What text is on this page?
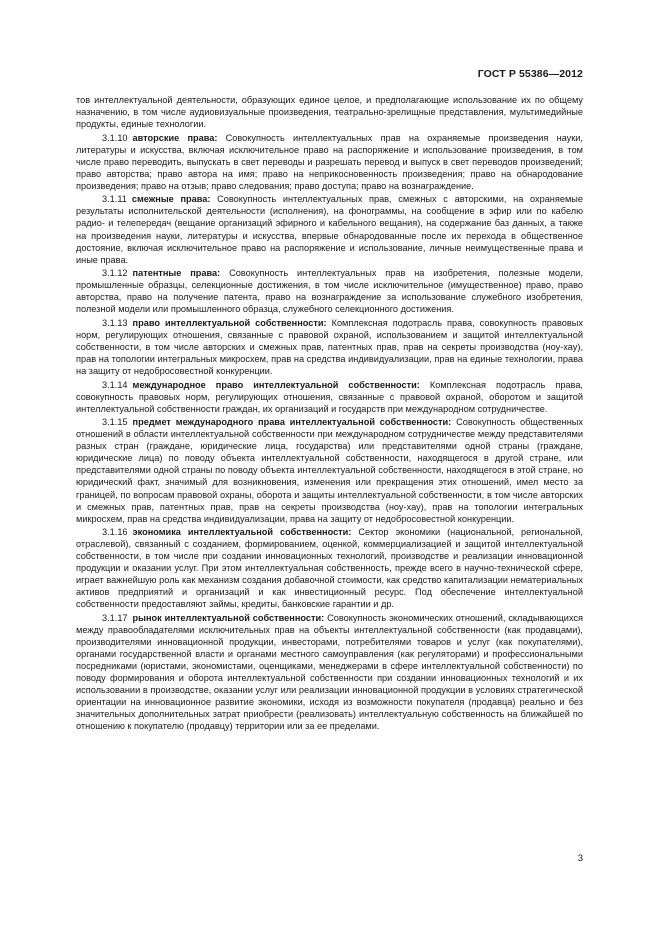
ГОСТ Р 55386—2012

тов интеллектуальной деятельности, образующих единое целое, и предполагающие использование их по общему назначению, в том числе аудиовизуальные произведения, театрально-зрелищные представления, мультимедийные продукты, единые технологии.

3.1.10 авторские права: Совокупность интеллектуальных прав на охраняемые произведения науки, литературы и искусства, включая исключительное право на распоряжение и использование произведения, в том числе право переводить, выпускать в свет переводы и разрешать перевод и выпуск в свет переводов произведений; право авторства; право автора на имя; право на неприкосновенность произведения; право на обнародование произведения; право на отзыв; право следования; право доступа; право на вознаграждение.

3.1.11 смежные права: Совокупность интеллектуальных прав, смежных с авторскими, на охраняемые результаты исполнительской деятельности (исполнения), на фонограммы, на сообщение в эфир или по кабелю радио- и телепередач (вещание организаций эфирного и кабельного вещания), на содержание баз данных, а также на произведения науки, литературы и искусства, впервые обнародованные после их перехода в общественное достояние, включая исключительное право на распоряжение и использование, личные неимущественные права и иные права.

3.1.12 патентные права: Совокупность интеллектуальных прав на изобретения, полезные модели, промышленные образцы, селекционные достижения, в том числе исключительное (имущественное) право, право авторства, право на получение патента, право на вознаграждение за использование служебного изобретения, полезной модели или промышленного образца, служебного селекционного достижения.

3.1.13 право интеллектуальной собственности: Комплексная подотрасль права, совокупность правовых норм, регулирующих отношения, связанные с правовой охраной, использованием и защитой интеллектуальной собственности, в том числе авторских и смежных прав, патентных прав, прав на секреты производства (ноу-хау), прав на топологии интегральных микросхем, прав на средства индивидуализации, прав на единые технологии, права на защиту от недобросовестной конкуренции.

3.1.14 международное право интеллектуальной собственности: Комплексная подотрасль права, совокупность правовых норм, регулирующих отношения, связанные с правовой охраной, оборотом и защитой интеллектуальной собственности граждан, их организаций и государств при международном сотрудничестве.

3.1.15 предмет международного права интеллектуальной собственности: Совокупность общественных отношений в области интеллектуальной собственности при международном сотрудничестве между представителями разных стран (граждане, юридические лица, государства) или представителями одной страны (граждане, юридические лица) по поводу объекта интеллектуальной собственности, находящегося в другой стране, или представителями одной страны по поводу объекта интеллектуальной собственности, находящегося в этой стране, но юридический факт, значимый для возникновения, изменения или прекращения этих отношений, имел место за границей, по вопросам правовой охраны, оборота и защиты интеллектуальной собственности, в том числе авторских и смежных прав, патентных прав, прав на секреты производства (ноу-хау), прав на топологии интегральных микросхем, прав на средства индивидуализации, права на защиту от недобросовестной конкуренции.

3.1.16 экономика интеллектуальной собственности: Сектор экономики (национальной, региональной, отраслевой), связанный с созданием, формированием, оценкой, коммерциализацией и защитой интеллектуальной собственности, в том числе при создании инновационных технологий, производстве и реализации инновационной продукции и оказании услуг. При этом интеллектуальная собственность, прежде всего в научно-технической сфере, играет важнейшую роль как механизм создания добавочной стоимости, как средство капитализации нематериальных активов предприятий и организаций и как инвестиционный ресурс. Под обеспечение интеллектуальной собственности предоставляют займы, кредиты, банковские гарантии и др.

3.1.17 рынок интеллектуальной собственности: Совокупность экономических отношений, складывающихся между правообладателями исключительных прав на объекты интеллектуальной собственности (как продавцами), производителями инновационной продукции, инвесторами, потребителями товаров и услуг (как покупателями), органами государственной власти и органами местного самоуправления (как регуляторами) и профессиональными посредниками (юристами, экономистами, оценщиками, менеджерами в сфере интеллектуальной собственности) по поводу формирования и оборота интеллектуальной собственности при создании инновационных технологий и их использовании в производстве, оказании услуг или реализации инновационной продукции в условиях стратегической ориентации на инновационное развитие экономики, исходя из возможности покупателя (продавца) реально и без значительных дополнительных затрат приобрести (реализовать) интеллектуальную собственность на ближайшей по отношению к покупателю (продавцу) территории или за ее пределами.

3
